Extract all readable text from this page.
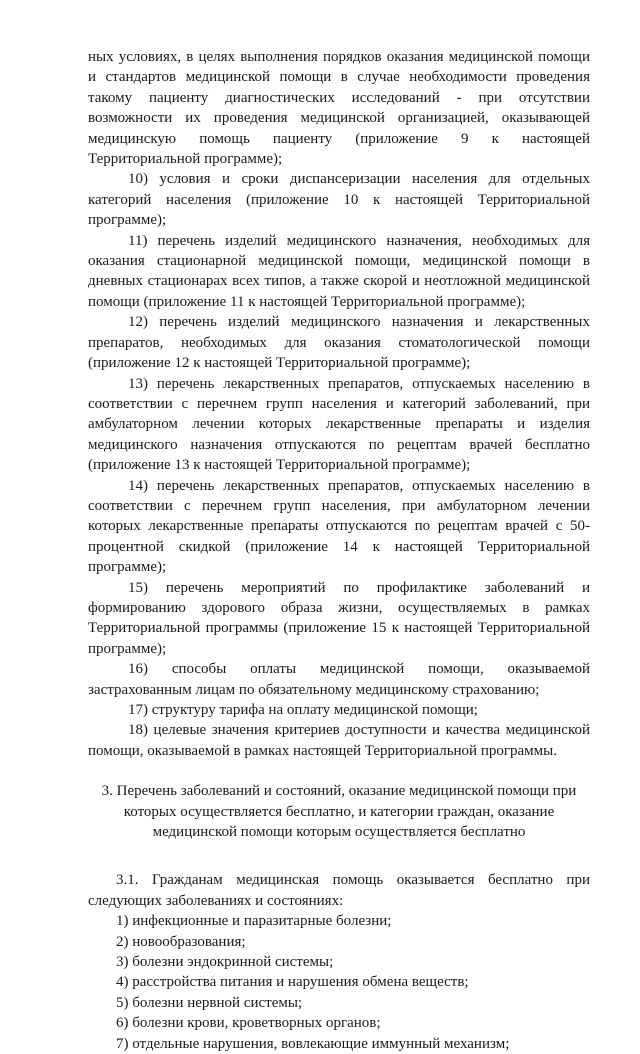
ных условиях, в целях выполнения порядков оказания медицинской помощи и стандартов медицинской помощи в случае необходимости проведения такому пациенту диагностических исследований - при отсутствии возможности их проведения медицинской организацией, оказывающей медицинскую помощь пациенту (приложение 9 к настоящей Территориальной программе);

10) условия и сроки диспансеризации населения для отдельных категорий населения (приложение 10 к настоящей Территориальной программе);

11) перечень изделий медицинского назначения, необходимых для оказания стационарной медицинской помощи, медицинской помощи в дневных стационарах всех типов, а также скорой и неотложной медицинской помощи (приложение 11 к настоящей Территориальной программе);

12) перечень изделий медицинского назначения и лекарственных препаратов, необходимых для оказания стоматологической помощи (приложение 12 к настоящей Территориальной программе);

13) перечень лекарственных препаратов, отпускаемых населению в соответствии с перечнем групп населения и категорий заболеваний, при амбулаторном лечении которых лекарственные препараты и изделия медицинского назначения отпускаются по рецептам врачей бесплатно (приложение 13 к настоящей Территориальной программе);

14) перечень лекарственных препаратов, отпускаемых населению в соответствии с перечнем групп населения, при амбулаторном лечении которых лекарственные препараты отпускаются по рецептам врачей с 50-процентной скидкой (приложение 14 к настоящей Территориальной программе);

15) перечень мероприятий по профилактике заболеваний и формированию здорового образа жизни, осуществляемых в рамках Территориальной программы (приложение 15 к настоящей Территориальной программе);

16) способы оплаты медицинской помощи, оказываемой застрахованным лицам по обязательному медицинскому страхованию;

17) структуру тарифа на оплату медицинской помощи;

18) целевые значения критериев доступности и качества медицинской помощи, оказываемой в рамках настоящей Территориальной программы.

3. Перечень заболеваний и состояний, оказание медицинской помощи при которых осуществляется бесплатно, и категории граждан, оказание медицинской помощи которым осуществляется бесплатно

3.1. Гражданам медицинская помощь оказывается бесплатно при следующих заболеваниях и состояниях:

1) инфекционные и паразитарные болезни;

2) новообразования;

3) болезни эндокринной системы;

4) расстройства питания и нарушения обмена веществ;

5) болезни нервной системы;

6) болезни крови, кроветворных органов;

7) отдельные нарушения, вовлекающие иммунный механизм;
